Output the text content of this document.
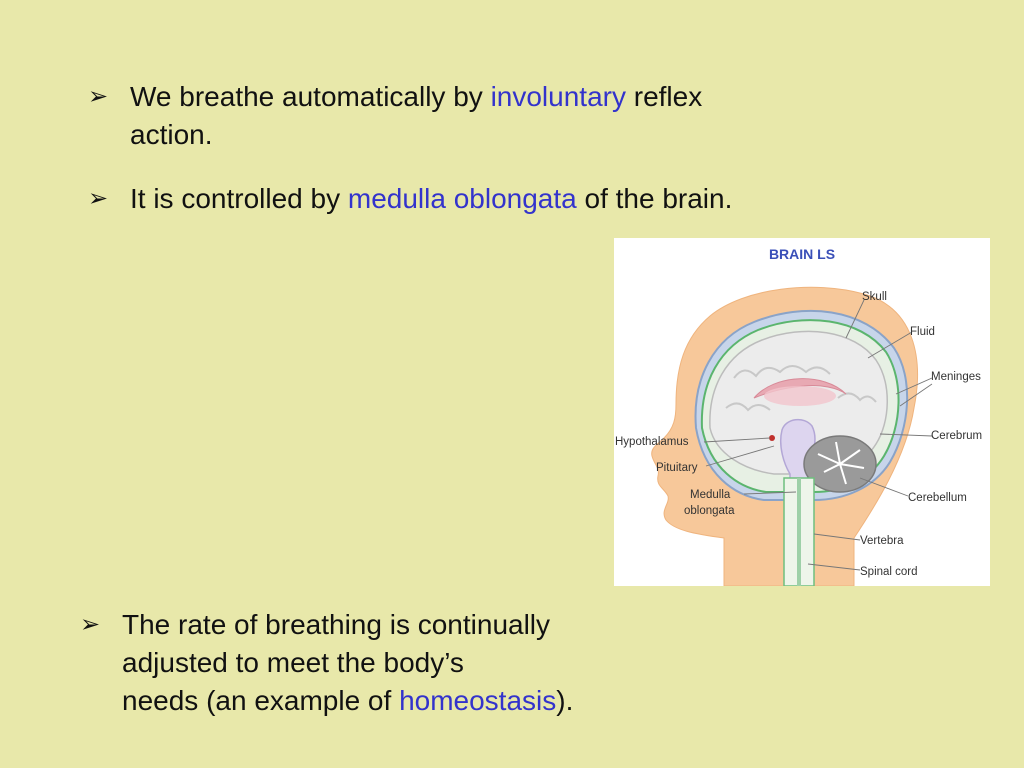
➢ We breathe automatically by involuntary reflex
action.
➢ It is controlled by medulla oblongata of the brain.
BRAIN LS
Skull
Fluid
Meninges
Cerebrum
Hypothalamus
Pituitary
Medulla
oblongata
Cerebellum
Vertebra
Spinal cord
➢ The rate of breathing is continually
adjusted to meet the body’s
needs (an example of homeostasis).
